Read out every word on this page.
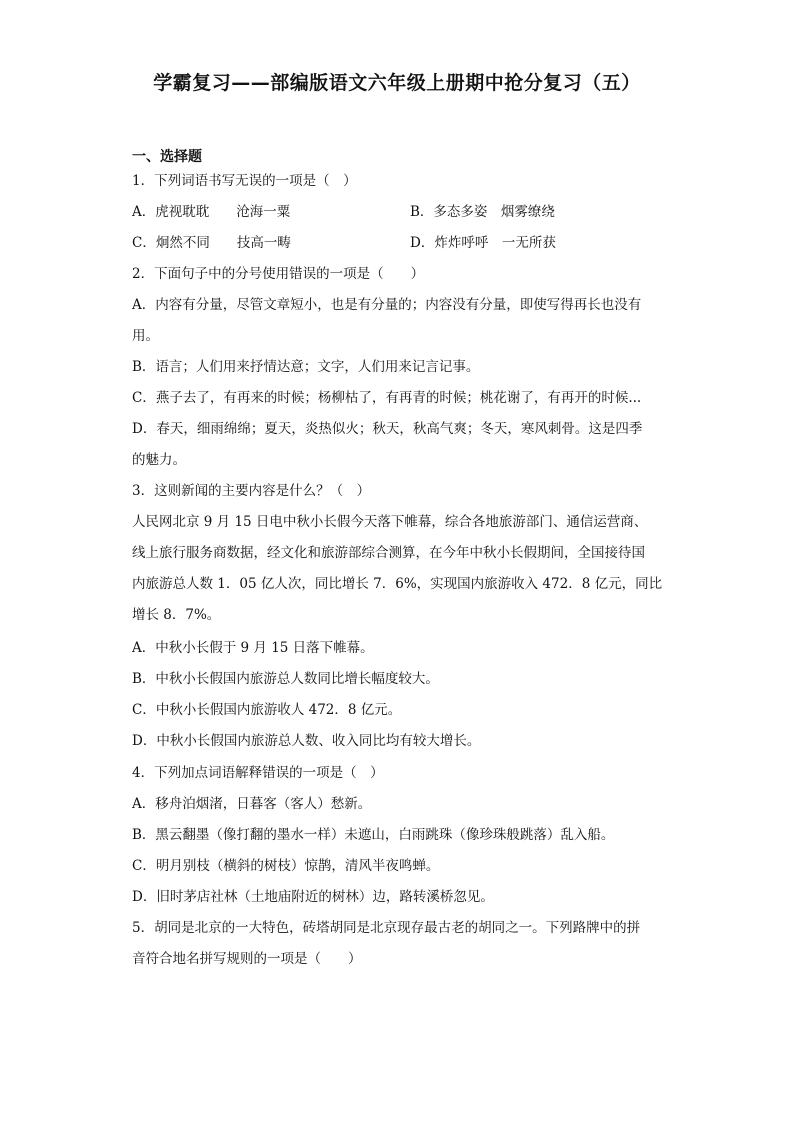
学霸复习——部编版语文六年级上册期中抢分复习（五）
一、选择题
1．下列词语书写无误的一项是（　）
A．虎视耽耽　　沧海一粟	B．多态多姿　烟雾缭绕
C．炯然不同　　技高一畴	D．炸炸呼呼　一无所获
2．下面句子中的分号使用错误的一项是（　　）
A．内容有分量，尽管文章短小，也是有分量的；内容没有分量，即使写得再长也没有
用。
B．语言；人们用来抒情达意；文字，人们用来记言记事。
C．燕子去了，有再来的时候；杨柳枯了，有再青的时候；桃花谢了，有再开的时候...
D．春天，细雨绵绵；夏天，炎热似火；秋天，秋高气爽；冬天，寒风刺骨。这是四季
的魅力。
3．这则新闻的主要内容是什么？（　）
人民网北京 9 月 15 日电中秋小长假今天落下帷幕，综合各地旅游部门、通信运营商、
线上旅行服务商数据，经文化和旅游部综合测算，在今年中秋小长假期间，全国接待国
内旅游总人数 1．05 亿人次，同比增长 7．6%，实现国内旅游收入 472．8 亿元，同比
增长 8．7%。
A．中秋小长假于 9 月 15 日落下帷幕。
B．中秋小长假国内旅游总人数同比增长幅度较大。
C．中秋小长假国内旅游收人 472．8 亿元。
D．中秋小长假国内旅游总人数、收入同比均有较大增长。
4．下列加点词语解释错误的一项是（　）
A．移舟泊烟渚，日暮客（客人）愁新。
B．黑云翻墨（像打翻的墨水一样）未遮山，白雨跳珠（像珍珠般跳落）乱入船。
C．明月别枝（横斜的树枝）惊鹊，清风半夜鸣蝉。
D．旧时茅店社林（土地庙附近的树林）边，路转溪桥忽见。
5．胡同是北京的一大特色，砖塔胡同是北京现存最古老的胡同之一。下列路牌中的拼
音符合地名拼写规则的一项是（　　）
